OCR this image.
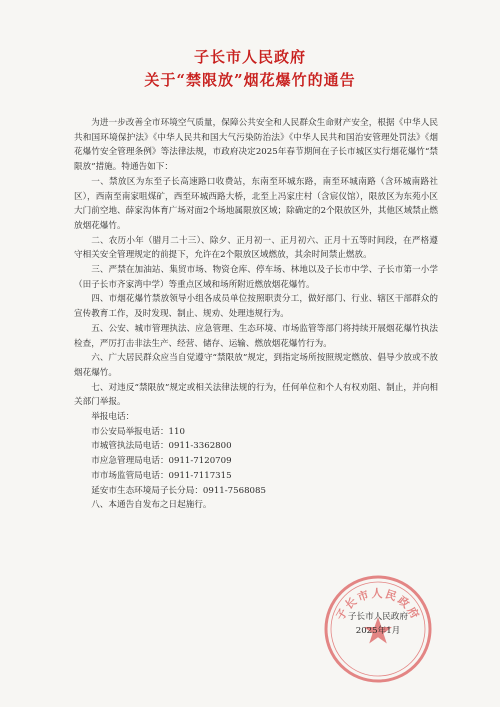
子长市人民政府
关于“禁限放”烟花爆竹的通告

为进一步改善全市环境空气质量，保障公共安全和人民群众生命财产安全，根据《中华人民共和国环境保护法》《中华人民共和国大气污染防治法》《中华人民共和国治安管理处罚法》《烟花爆竹安全管理条例》等法律法规，市政府决定2025年春节期间在子长市城区实行烟花爆竹“禁限放”措施。特通告如下：

一、禁放区为东至子长高速路口收费站，东南至环城东路，南至环城南路（含环城南路社区），西南至南家咀煤矿，西至环城西路大桥，北至上冯家庄村（含宸仪馆），限放区为东苑小区大门前空地、薛家沟体育广场对面2个场地属限放区域；除确定的2个限放区外，其他区域禁止燃放烟花爆竹。

二、农历小年（腊月二十三）、除夕、正月初一、正月初六、正月十五等时间段，在严格遵守相关安全管理规定的前提下，允许在2个限放区域燃放，其余时间禁止燃放。

三、严禁在加油站、集贸市场、物资仓库、停车场、林地以及子长市中学、子长市第一小学（田子长市齐家湾中学）等重点区域和场所附近燃放烟花爆竹。

四、市烟花爆竹禁放领导小组各成员单位按照职责分工，做好部门、行业、辖区干部群众的宣传教育工作，及时发现、制止、规劝、处理违规行为。

五、公安、城市管理执法、应急管理、生态环境、市场监管等部门将持续开展烟花爆竹执法检查，严厉打击非法生产、经营、储存、运输、燃放烟花爆竹行为。

六、广大居民群众应当自觉遵守“禁限放”规定，到指定场所按照规定燃放、倡导少放或不放烟花爆竹。

七、对违反“禁限放”规定或相关法律法规的行为，任何单位和个人有权劝阻、制止，并向相关部门举报。

举报电话：

市公安局举报电话：110

市城管执法局电话：0911-3362800

市应急管理局电话：0911-7120709

市市场监管局电话：0911-7117315

延安市生态环境局子长分局：0911-7568085

八、本通告自发布之日起施行。

子长市人民政府
子长市人民政府
2025年1月
